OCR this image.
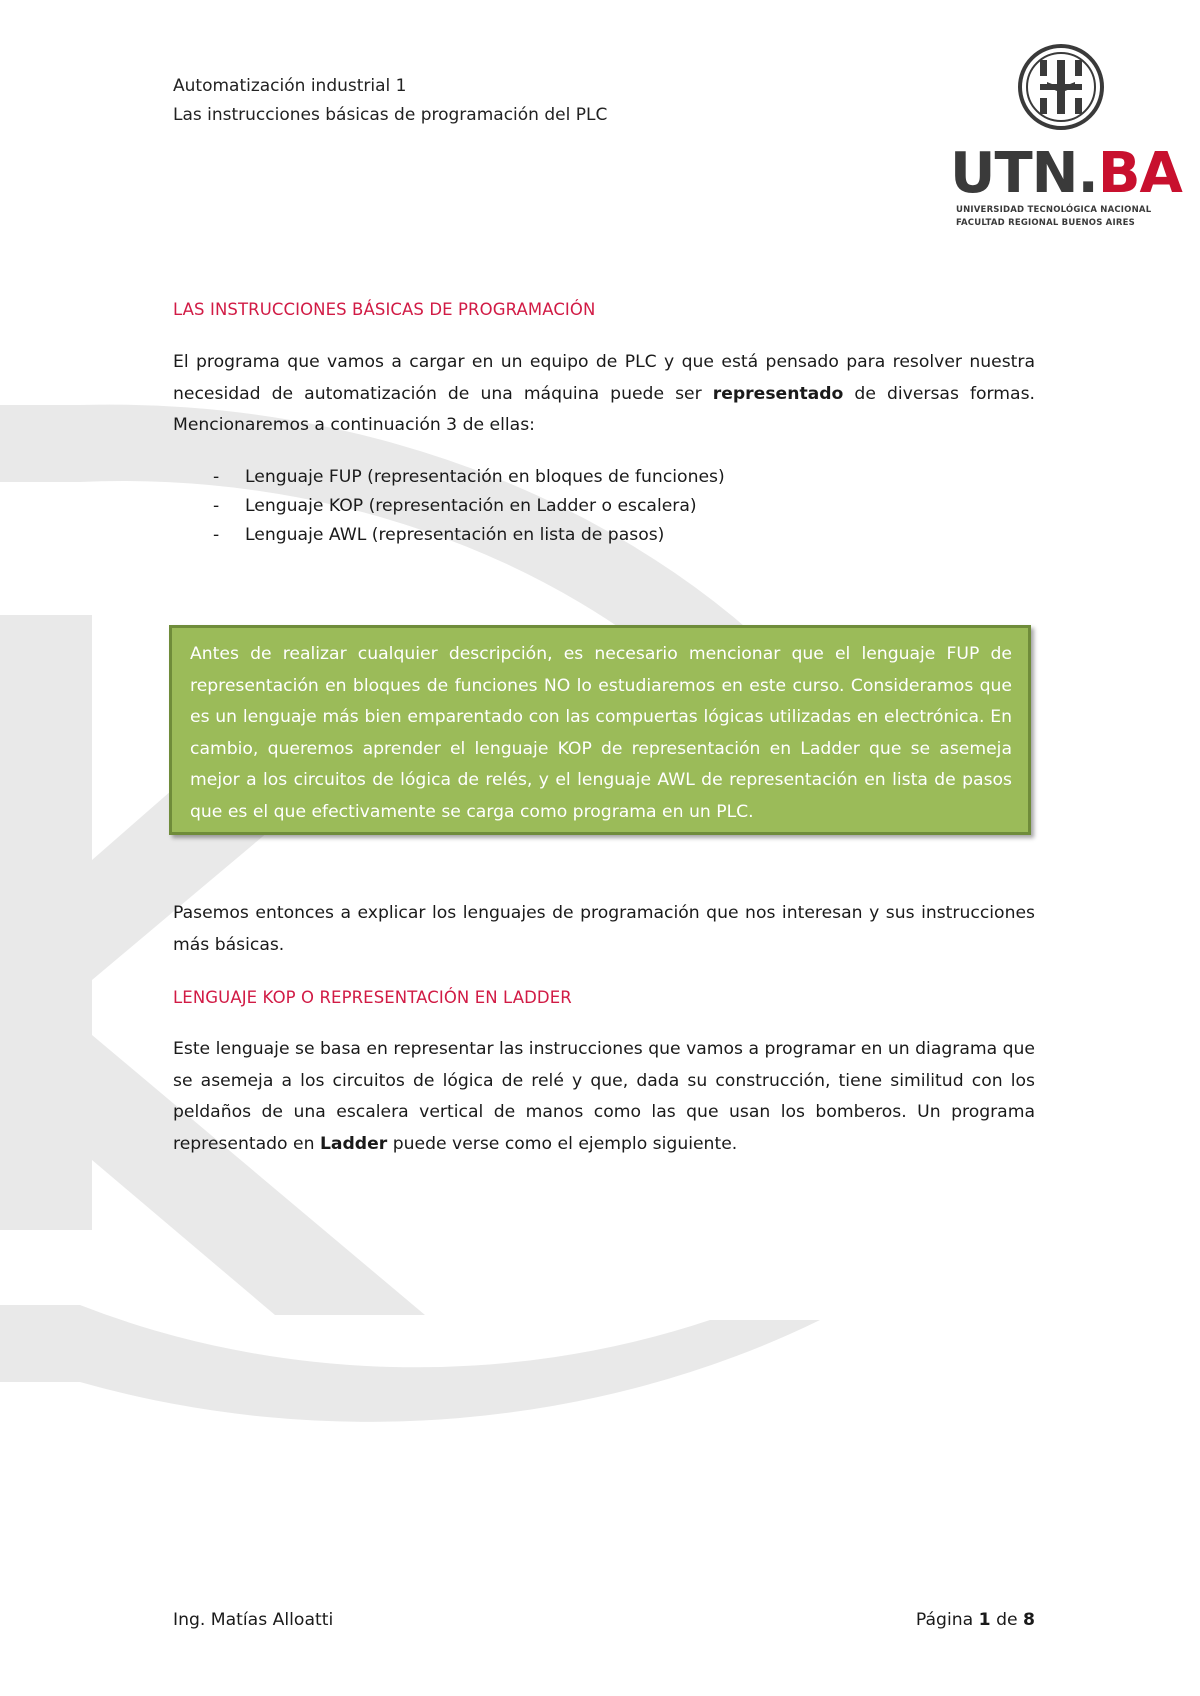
Automatización industrial 1
Las instrucciones básicas de programación del PLC
UTN.BA
UNIVERSIDAD TECNOLÓGICA NACIONAL
FACULTAD REGIONAL BUENOS AIRES
LAS INSTRUCCIONES BÁSICAS DE PROGRAMACIÓN
El programa que vamos a cargar en un equipo de PLC y que está pensado para resolver nuestra necesidad de automatización de una máquina puede ser representado de diversas formas. Mencionaremos a continuación 3 de ellas:
- Lenguaje FUP (representación en bloques de funciones)
- Lenguaje KOP (representación en Ladder o escalera)
- Lenguaje AWL (representación en lista de pasos)
Antes de realizar cualquier descripción, es necesario mencionar que el lenguaje FUP de representación en bloques de funciones NO lo estudiaremos en este curso. Consideramos que es un lenguaje más bien emparentado con las compuertas lógicas utilizadas en electrónica. En cambio, queremos aprender el lenguaje KOP de representación en Ladder que se asemeja mejor a los circuitos de lógica de relés, y el lenguaje AWL de representación en lista de pasos que es el que efectivamente se carga como programa en un PLC.
Pasemos entonces a explicar los lenguajes de programación que nos interesan y sus instrucciones más básicas.
LENGUAJE KOP O REPRESENTACIÓN EN LADDER
Este lenguaje se basa en representar las instrucciones que vamos a programar en un diagrama que se asemeja a los circuitos de lógica de relé y que, dada su construcción, tiene similitud con los peldaños de una escalera vertical de manos como las que usan los bomberos. Un programa representado en Ladder puede verse como el ejemplo siguiente.
Ing. Matías Alloatti	Página 1 de 8
